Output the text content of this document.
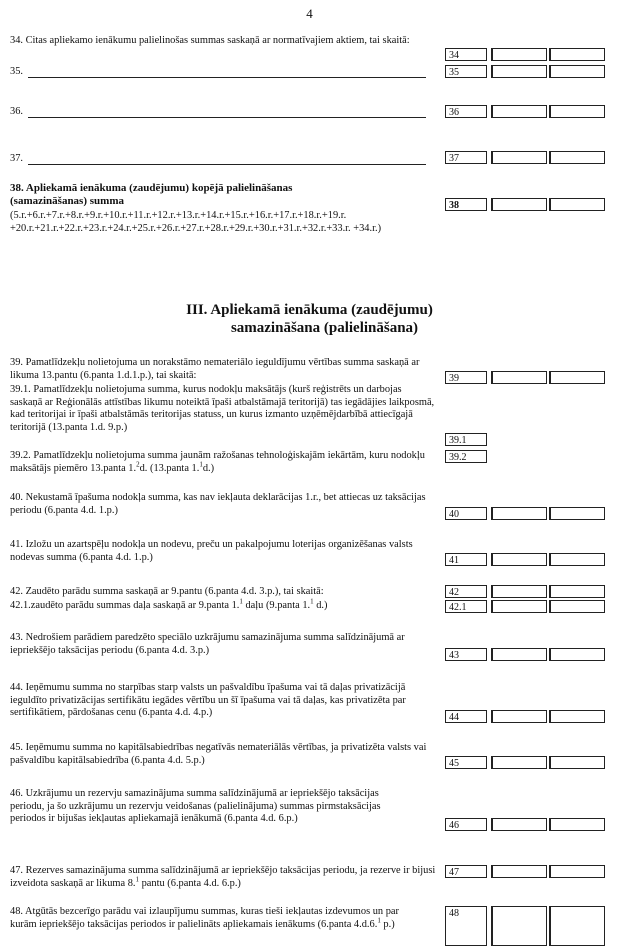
4
34. Citas apliekamo ienākumu palielinošas summas saskaņā ar normatīvajiem aktiem, tai skaitā:
34
35.	35
36.	36
37.	37
38. Apliekamā ienākuma (zaudējumu) kopējā palielināšanas (samazināšanas) summa
(5.r.+6.r.+7.r.+8.r.+9.r.+10.r.+11.r.+12.r.+13.r.+14.r.+15.r.+16.r.+17.r.+18.r.+19.r. +20.r.+21.r.+22.r.+23.r.+24.r.+25.r.+26.r.+27.r.+28.r.+29.r.+30.r.+31.r.+32.r.+33.r. +34.r.)
38
III. Apliekamā ienākuma (zaudējumu)
samazināšana (palielināšana)
39. Pamatlīdzekļu nolietojuma un norakstāmo nemateriālo ieguldījumu vērtības summa saskaņā ar likuma 13.pantu (6.panta 1.d.1.p.), tai skaitā:	39
39.1. Pamatlīdzekļu nolietojuma summa, kurus nodokļu maksātājs (kurš reģistrēts un darbojas saskaņā ar Reģionālās attīstības likumu noteiktā īpaši atbalstāmajā teritorijā) tas iegādājies laikposmā, kad teritorijai ir īpaši atbalstāmās teritorijas statuss, un kurus izmanto uzņēmējdarbībā attiecīgajā teritorijā (13.panta 1.d. 9.p.)
39.1
39.2. Pamatlīdzekļu nolietojuma summa jaunām ražošanas tehnoloģiskajām iekārtām, kuru nodokļu maksātājs piemēro 13.panta 1.$^2$d. (13.panta 1.$^1$d.)
39.2
40. Nekustamā īpašuma nodokļa summa, kas nav iekļauta deklarācijas 1.r., bet attiecas uz taksācijas periodu (6.panta 4.d. 1.p.)	40
41. Izložu un azartspēļu nodokļa un nodevu, preču un pakalpojumu loterijas organizēšanas valsts nodevas summa (6.panta 4.d. 1.p.)	41
42. Zaudēto parādu summa saskaņā ar 9.pantu (6.panta 4.d. 3.p.), tai skaitā:	42
42.1.zaudēto parādu summas daļa saskaņā ar 9.panta 1.$^1$ daļu (9.panta 1.$^1$ d.)	42.1
43. Nedrošiem parādiem paredzēto speciālo uzkrājumu samazinājuma summa salīdzinājumā ar iepriekšējo taksācijas periodu (6.panta 4.d. 3.p.)	43
44. Ieņēmumu summa no starpības starp valsts un pašvaldību īpašuma vai tā daļas privatizācijā ieguldīto privatizācijas sertifikātu iegādes vērtību un šī īpašuma vai tā daļas, kas privatizēta par sertifikātiem, pārdošanas cenu (6.panta 4.d. 4.p.)	44
45. Ieņēmumu summa no kapitālsabiedrības negatīvās nemateriālās vērtības, ja privatizēta valsts vai pašvaldību kapitālsabiedrība (6.panta 4.d. 5.p.)	45
46. Uzkrājumu un rezervju samazinājuma summa salīdzinājumā ar iepriekšējo taksācijas periodu, ja šo uzkrājumu un rezervju veidošanas (palielinājuma) summas pirmstaksācijas periodos ir bijušas iekļautas apliekamajā ienākumā (6.panta 4.d. 6.p.)
46
47. Rezerves samazinājuma summa salīdzinājumā ar iepriekšējo taksācijas periodu, ja rezerve ir bijusi izveidota saskaņā ar likuma 8.$^1$ pantu (6.panta 4.d. 6.p.)
47
48. Atgūtās bezcerīgo parādu vai izlaupījumu summas, kuras tieši iekļautas izdevumos un par kurām iepriekšējo taksācijas periodos ir palielināts apliekamais ienākums (6.panta 4.d.6.$^1$ p.)
48
